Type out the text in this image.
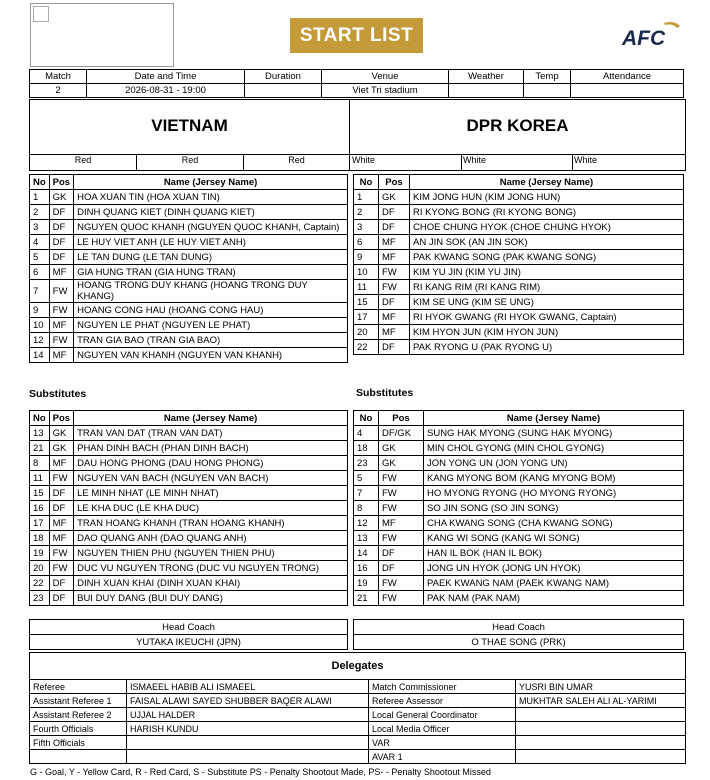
START LIST	AFC
Match	Date and Time	Duration	Venue	Weather	Temp	Attendance
2	2026-08-31 - 19:00		Viet Tri stadium			
VIETNAM	DPR KOREA
Red	Red	Red	White	White	White
No	Pos	Name (Jersey Name)
1	GK	HOA XUAN TIN (HOA XUAN TIN)
2	DF	DINH QUANG KIET (DINH QUANG KIET)
3	DF	NGUYEN QUOC KHANH (NGUYEN QUOC KHANH, Captain)
4	DF	LE HUY VIET ANH (LE HUY VIET ANH)
5	DF	LE TAN DUNG (LE TAN DUNG)
6	MF	GIA HUNG TRAN (GIA HUNG TRAN)
7	FW	HOANG TRONG DUY KHANG (HOANG TRONG DUY KHANG)
9	FW	HOANG CONG HAU (HOANG CONG HAU)
10	MF	NGUYEN LE PHAT (NGUYEN LE PHAT)
12	FW	TRAN GIA BAO (TRAN GIA BAO)
14	MF	NGUYEN VAN KHANH (NGUYEN VAN KHANH)
No	Pos	Name (Jersey Name)
1	GK	KIM JONG HUN (KIM JONG HUN)
2	DF	RI KYONG BONG (RI KYONG BONG)
3	DF	CHOE CHUNG HYOK (CHOE CHUNG HYOK)
6	MF	AN JIN SOK (AN JIN SOK)
9	MF	PAK KWANG SONG (PAK KWANG SONG)
10	FW	KIM YU JIN (KIM YU JIN)
11	FW	RI KANG RIM (RI KANG RIM)
15	DF	KIM SE UNG (KIM SE UNG)
17	MF	RI HYOK GWANG (RI HYOK GWANG, Captain)
20	MF	KIM HYON JUN (KIM HYON JUN)
22	DF	PAK RYONG U (PAK RYONG U)
Substitutes	Substitutes
No	Pos	Name (Jersey Name)
13	GK	TRAN VAN DAT (TRAN VAN DAT)
21	GK	PHAN DINH BACH (PHAN DINH BACH)
8	MF	DAU HONG PHONG (DAU HONG PHONG)
11	FW	NGUYEN VAN BACH (NGUYEN VAN BACH)
15	DF	LE MINH NHAT (LE MINH NHAT)
16	DF	LE KHA DUC (LE KHA DUC)
17	MF	TRAN HOANG KHANH (TRAN HOANG KHANH)
18	MF	DAO QUANG ANH (DAO QUANG ANH)
19	FW	NGUYEN THIEN PHU (NGUYEN THIEN PHU)
20	FW	DUC VU NGUYEN TRONG (DUC VU NGUYEN TRONG)
22	DF	DINH XUAN KHAI (DINH XUAN KHAI)
23	DF	BUI DUY DANG (BUI DUY DANG)
No	Pos	Name (Jersey Name)
4	DF/GK	SUNG HAK MYONG (SUNG HAK MYONG)
18	GK	MIN CHOL GYONG (MIN CHOL GYONG)
23	GK	JON YONG UN (JON YONG UN)
5	FW	KANG MYONG BOM (KANG MYONG BOM)
7	FW	HO MYONG RYONG (HO MYONG RYONG)
8	FW	SO JIN SONG (SO JIN SONG)
12	MF	CHA KWANG SONG (CHA KWANG SONG)
13	FW	KANG WI SONG (KANG WI SONG)
14	DF	HAN IL BOK (HAN IL BOK)
16	DF	JONG UN HYOK (JONG UN HYOK)
19	FW	PAEK KWANG NAM (PAEK KWANG NAM)
21	FW	PAK NAM (PAK NAM)
Head Coach
YUTAKA IKEUCHI (JPN)
Head Coach
O THAE SONG (PRK)
Delegates
Referee	ISMAEEL HABIB ALI ISMAEEL	Match Commissioner	YUSRI BIN UMAR
Assistant Referee 1	FAISAL ALAWI SAYED SHUBBER BAQER ALAWI	Referee Assessor	MUKHTAR SALEH ALI AL-YARIMI
Assistant Referee 2	UJJAL HALDER	Local General Coordinator	
Fourth Officials	HARISH KUNDU	Local Media Officer	
Fifth Officials		VAR	
		AVAR 1	
G - Goal, Y - Yellow Card, R - Red Card, S - Substitute PS - Penalty Shootout Made, PS- - Penalty Shootout Missed
